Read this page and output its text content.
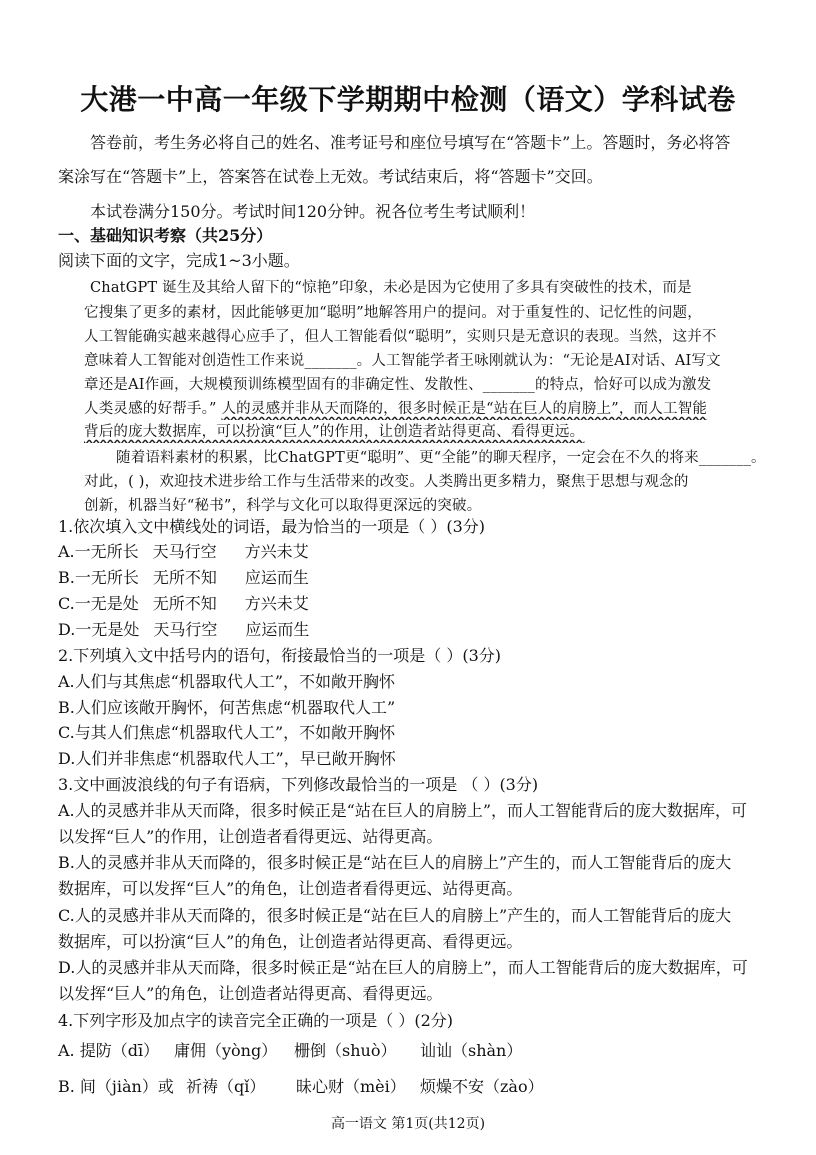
大港一中高一年级下学期期中检测（语文）学科试卷
答卷前，考生务必将自己的姓名、准考证号和座位号填写在“答题卡”上。答题时，务必将答
案涂写在“答题卡”上，答案答在试卷上无效。考试结束后，将“答题卡”交回。
本试卷满分150分。考试时间120分钟。祝各位考生考试顺利！
一、基础知识考察（共25分）
阅读下面的文字，完成1~3小题。
ChatGPT 诞生及其给人留下的“惊艳”印象，未必是因为它使用了多具有突破性的技术，而是
它搜集了更多的素材，因此能够更加“聪明”地解答用户的提问。对于重复性的、记忆性的问题，
人工智能确实越来越得心应手了，但人工智能看似“聪明”，实则只是无意识的表现。当然，这并不
意味着人工智能对创造性工作来说_______。人工智能学者王咏刚就认为：“无论是AI对话、AI写文
章还是AI作画，大规模预训练模型固有的非确定性、发散性、_______的特点，恰好可以成为激发
人类灵感的好帮手。” 人的灵感并非从天而降的，很多时候正是“站在巨人的肩膀上”，而人工智能
背后的庞大数据库，可以扮演“巨人”的作用，让创造者站得更高、看得更远。
随着语料素材的积累，比ChatGPT更“聪明”、更“全能”的聊天程序，一定会在不久的将来_______。
对此，( )，欢迎技术进步给工作与生活带来的改变。人类腾出更多精力，聚焦于思想与观念的
创新，机器当好“秘书”，科学与文化可以取得更深远的突破。
1.依次填入文中横线处的词语，最为恰当的一项是（ ）(3分)
A.一无所长 天马行空 方兴未艾
B.一无所长 无所不知 应运而生
C.一无是处 无所不知 方兴未艾
D.一无是处 天马行空 应运而生
2.下列填入文中括号内的语句，衔接最恰当的一项是（ ）(3分)
A.人们与其焦虑“机器取代人工”，不如敞开胸怀
B.人们应该敞开胸怀，何苦焦虑“机器取代人工”
C.与其人们焦虑“机器取代人工”，不如敞开胸怀
D.人们并非焦虑“机器取代人工”，早已敞开胸怀
3.文中画波浪线的句子有语病，下列修改最恰当的一项是 （ ）(3分)
A.人的灵感并非从天而降，很多时候正是“站在巨人的肩膀上”，而人工智能背后的庞大数据库，可
以发挥“巨人”的作用，让创造者看得更远、站得更高。
B.人的灵感并非从天而降的，很多时候正是“站在巨人的肩膀上”产生的，而人工智能背后的庞大
数据库，可以发挥“巨人”的角色，让创造者看得更远、站得更高。
C.人的灵感并非从天而降的，很多时候正是“站在巨人的肩膀上”产生的，而人工智能背后的庞大
数据库，可以扮演“巨人”的角色，让创造者站得更高、看得更远。
D.人的灵感并非从天而降，很多时候正是“站在巨人的肩膀上”，而人工智能背后的庞大数据库，可
以发挥“巨人”的角色，让创造者站得更高、看得更远。
4.下列字形及加点字的读音完全正确的一项是（ ）(2分)
A. 提防（dī） 庸佣（yòng） 栅倒（shuò） 讪讪（shàn）
B. 间（jiàn）或 祈祷（qǐ） 昧心财（mèi） 烦燥不安（zào）
高一语文 第1页(共12页)
